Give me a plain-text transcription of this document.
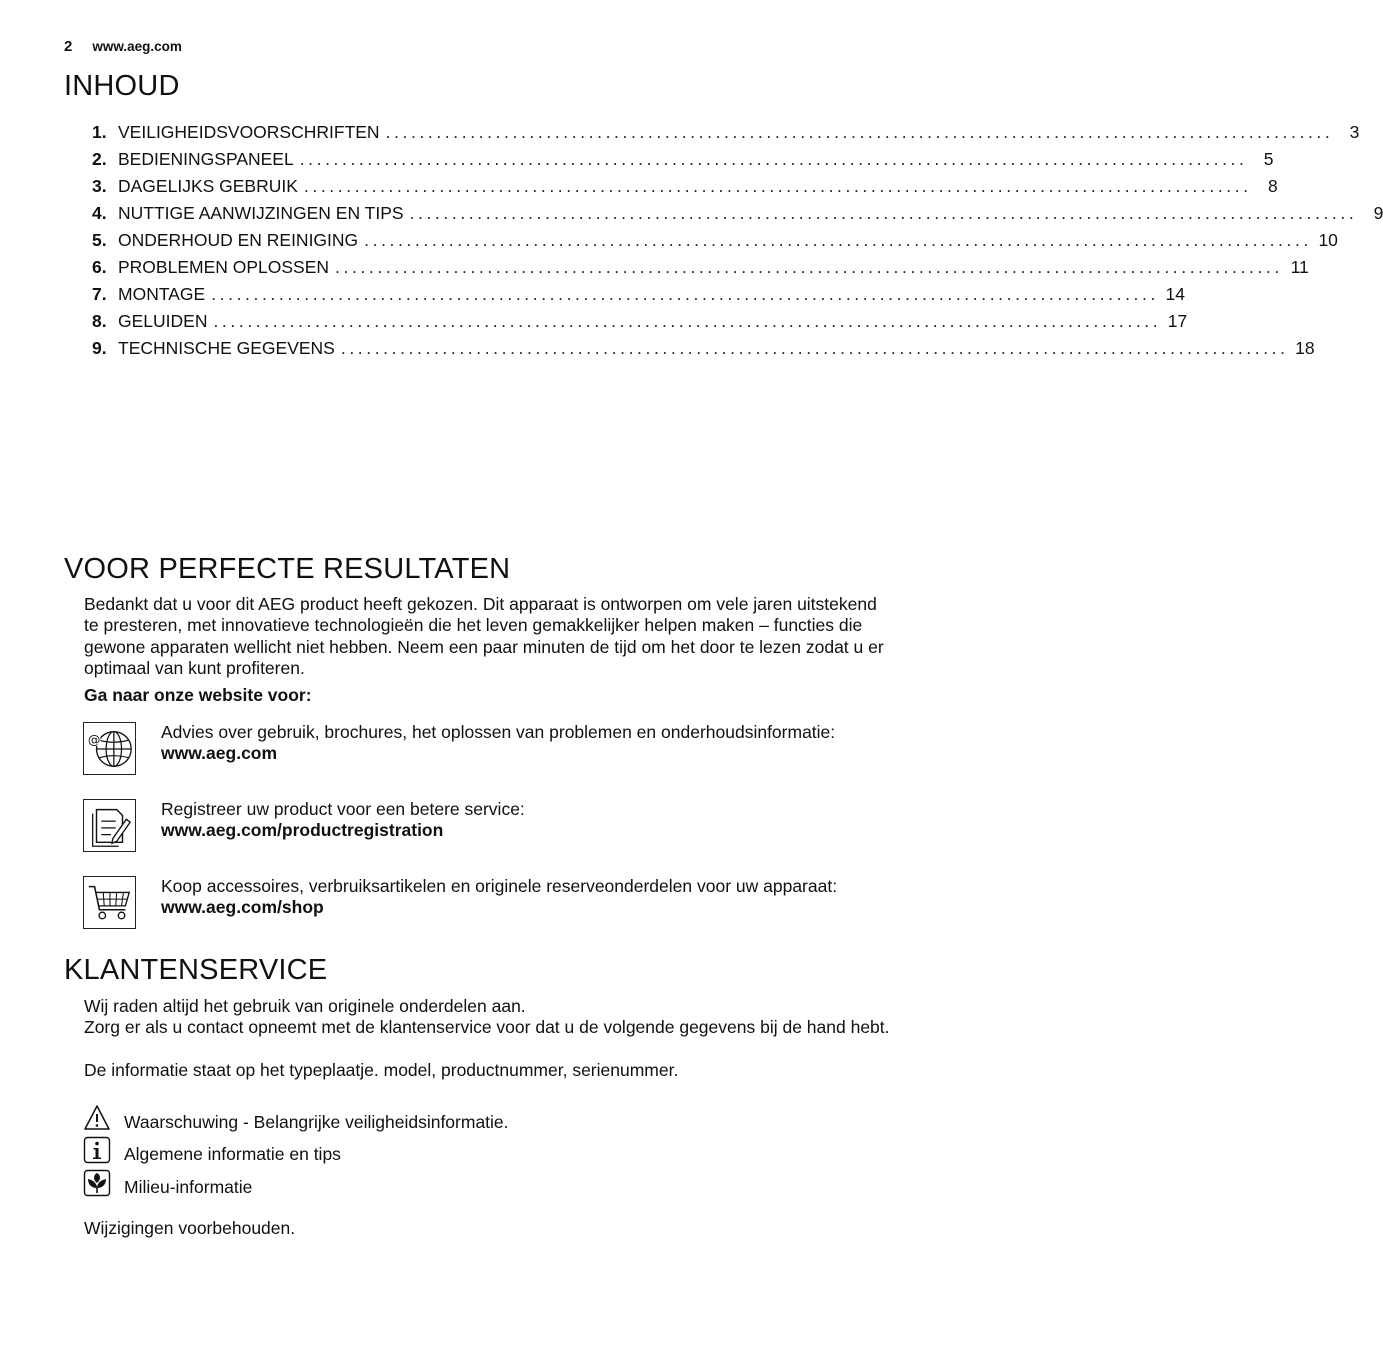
2 www.aeg.com
INHOUD
1. VEILIGHEIDSVOORSCHRIFTEN ................................................................................................................ 3
2. BEDIENINGSPANEEL ................................................................................................................ 5
3. DAGELIJKS GEBRUIK ................................................................................................................ 8
4. NUTTIGE AANWIJZINGEN EN TIPS ................................................................................................................ 9
5. ONDERHOUD EN REINIGING ................................................................................................................ 10
6. PROBLEMEN OPLOSSEN ................................................................................................................ 11
7. MONTAGE ................................................................................................................ 14
8. GELUIDEN ................................................................................................................ 17
9. TECHNISCHE GEGEVENS ................................................................................................................ 18
VOOR PERFECTE RESULTATEN

Bedankt dat u voor dit AEG product heeft gekozen. Dit apparaat is ontworpen om vele jaren uitstekend te presteren, met innovatieve technologieën die het leven gemakkelijker helpen maken – functies die gewone apparaten wellicht niet hebben. Neem een paar minuten de tijd om het door te lezen zodat u er optimaal van kunt profiteren.

Ga naar onze website voor:

@	Advies over gebruik, brochures, het oplossen van problemen en onderhoudsinformatie:
www.aeg.com
Registreer uw product voor een betere service:
www.aeg.com/productregistration
Koop accessoires, verbruiksartikelen en originele reserveonderdelen voor uw apparaat:
www.aeg.com/shop
KLANTENSERVICE

Wij raden altijd het gebruik van originele onderdelen aan.

Zorg er als u contact opneemt met de klantenservice voor dat u de volgende gegevens bij de hand hebt.

De informatie staat op het typeplaatje. model, productnummer, serienummer.

Waarschuwing - Belangrijke veiligheidsinformatie.
Algemene informatie en tips
Milieu-informatie

Wijzigingen voorbehouden.
